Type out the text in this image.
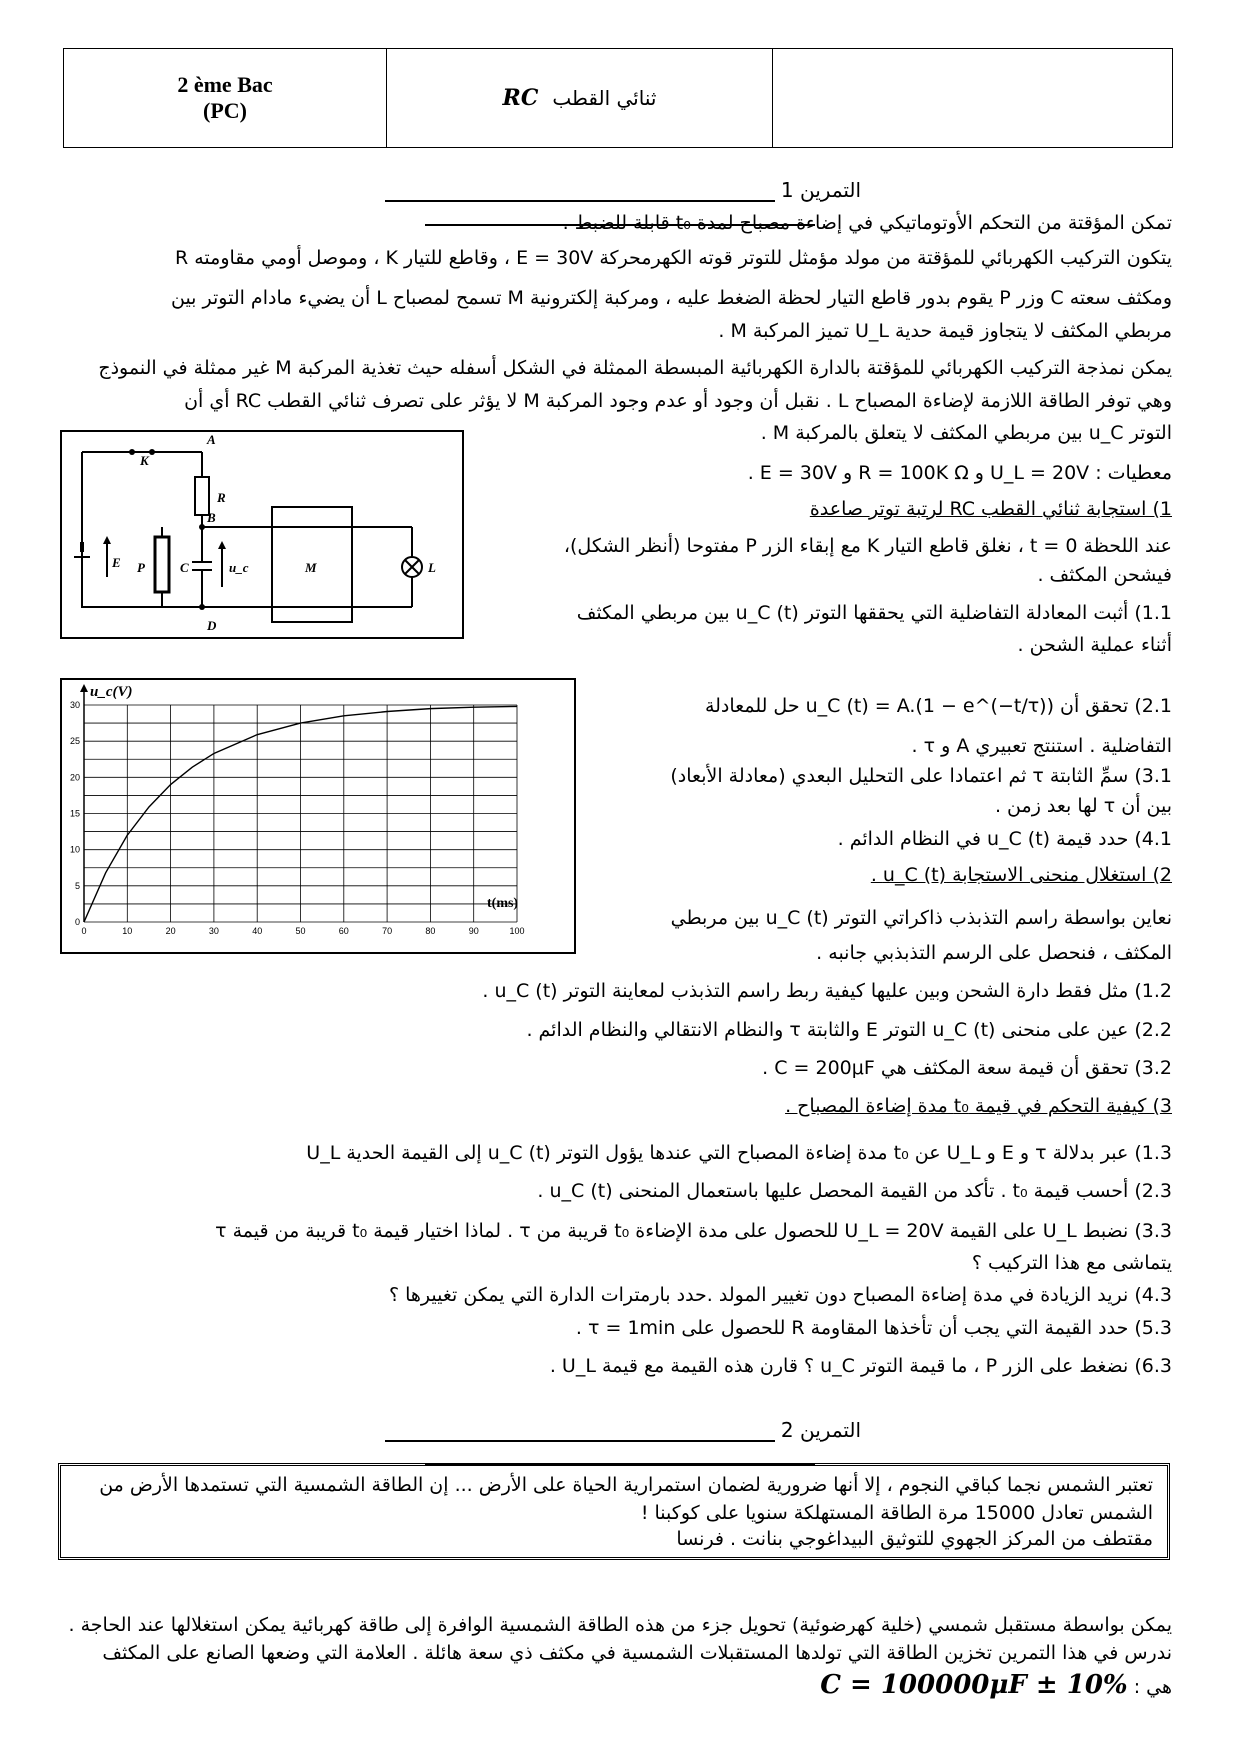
2 ème Bac
(PC)	RC ثنائي القطب
التمرين 1
تمكن المؤقتة من التحكم الأوتوماتيكي في إضاءة مصباح لمدة t₀ قابلة للضبط .
يتكون التركيب الكهربائي للمؤقتة من مولد مؤمثل للتوتر قوته الكهرمحركة E = 30V ، وقاطع للتيار K ، وموصل أومي مقاومته R
ومكثف سعته C وزر P يقوم بدور قاطع التيار لحظة الضغط عليه ، ومركبة إلكترونية M تسمح لمصباح L أن يضيء مادام التوتر بين
مربطي المكثف لا يتجاوز قيمة حدية U_L تميز المركبة M .
يمكن نمذجة التركيب الكهربائي للمؤقتة بالدارة الكهربائية المبسطة الممثلة في الشكل أسفله حيث تغذية المركبة M غير ممثلة في النموذج
وهي توفر الطاقة اللازمة لإضاءة المصباح L . نقبل أن وجود أو عدم وجود المركبة M لا يؤثر على تصرف ثنائي القطب RC أي أن
التوتر u_C بين مربطي المكثف لا يتعلق بالمركبة M .
معطيات : U_L = 20V و R = 100K Ω و E = 30V .
1) استجابة ثنائي القطب RC لرتبة توتر صاعدة
عند اللحظة t = 0 ، نغلق قاطع التيار K مع إبقاء الزر P مفتوحا (أنظر الشكل)،
فيشحن المكثف .
1.1) أثبت المعادلة التفاضلية التي يحققها التوتر u_C (t) بين مربطي المكثف
أثناء عملية الشحن .
2.1) تحقق أن u_C (t) = A.(1 − e^(−t/τ)) حل للمعادلة
التفاضلية . استنتج تعبيري A و τ .
3.1) سمِّ الثابتة τ ثم اعتمادا على التحليل البعدي (معادلة الأبعاد)
بين أن τ لها بعد زمن .
4.1) حدد قيمة u_C (t) في النظام الدائم .
2) استغلال منحنى الاستجابة u_C (t) .
نعاين بواسطة راسم التذبذب ذاكراتي التوتر u_C (t) بين مربطي
المكثف ، فنحصل على الرسم التذبذبي جانبه .
1.2) مثل فقط دارة الشحن وبين عليها كيفية ربط راسم التذبذب لمعاينة التوتر u_C (t) .
2.2) عين على منحنى u_C (t) التوتر E والثابتة τ والنظام الانتقالي والنظام الدائم .
3.2) تحقق أن قيمة سعة المكثف هي C = 200μF .
3) كيفية التحكم في قيمة t₀ مدة إضاءة المصباح .
1.3) عبر بدلالة τ و E و U_L عن t₀ مدة إضاءة المصباح التي عندها يؤول التوتر u_C (t) إلى القيمة الحدية U_L
2.3) أحسب قيمة t₀ . تأكد من القيمة المحصل عليها باستعمال المنحنى u_C (t) .
3.3) نضبط U_L على القيمة U_L = 20V للحصول على مدة الإضاءة t₀ قريبة من τ . لماذا اختيار قيمة t₀ قريبة من قيمة τ
يتماشى مع هذا التركيب ؟
4.3) نريد الزيادة في مدة إضاءة المصباح دون تغيير المولد .حدد بارمترات الدارة التي يمكن تغييرها ؟
5.3) حدد القيمة التي يجب أن تأخذها المقاومة R للحصول على τ = 1min .
6.3) نضغط على الزر P ، ما قيمة التوتر u_C ؟ قارن هذه القيمة مع قيمة U_L .
A
K
R
B
E P	C	u_c	M	L
D
0	10	20	30	40	50	60	70	80	90	100
0
5
10
15
20
25
30
u_c(V)
t(ms)
التمرين 2
تعتبر الشمس نجما كباقي النجوم ، إلا أنها ضرورية لضمان استمرارية الحياة على الأرض ... إن الطاقة الشمسية التي تستمدها الأرض من
الشمس تعادل 15000 مرة الطاقة المستهلكة سنويا على كوكبنا !
مقتطف من المركز الجهوي للتوثيق البيداغوجي بنانت . فرنسا
يمكن بواسطة مستقبل شمسي (خلية كهرضوئية) تحويل جزء من هذه الطاقة الشمسية الوافرة إلى طاقة كهربائية يمكن استغلالها عند الحاجة .
ندرس في هذا التمرين تخزين الطاقة التي تولدها المستقبلات الشمسية في مكثف ذي سعة هائلة . العلامة التي وضعها الصانع على المكثف
هي : C = 100000μF ± 10%
